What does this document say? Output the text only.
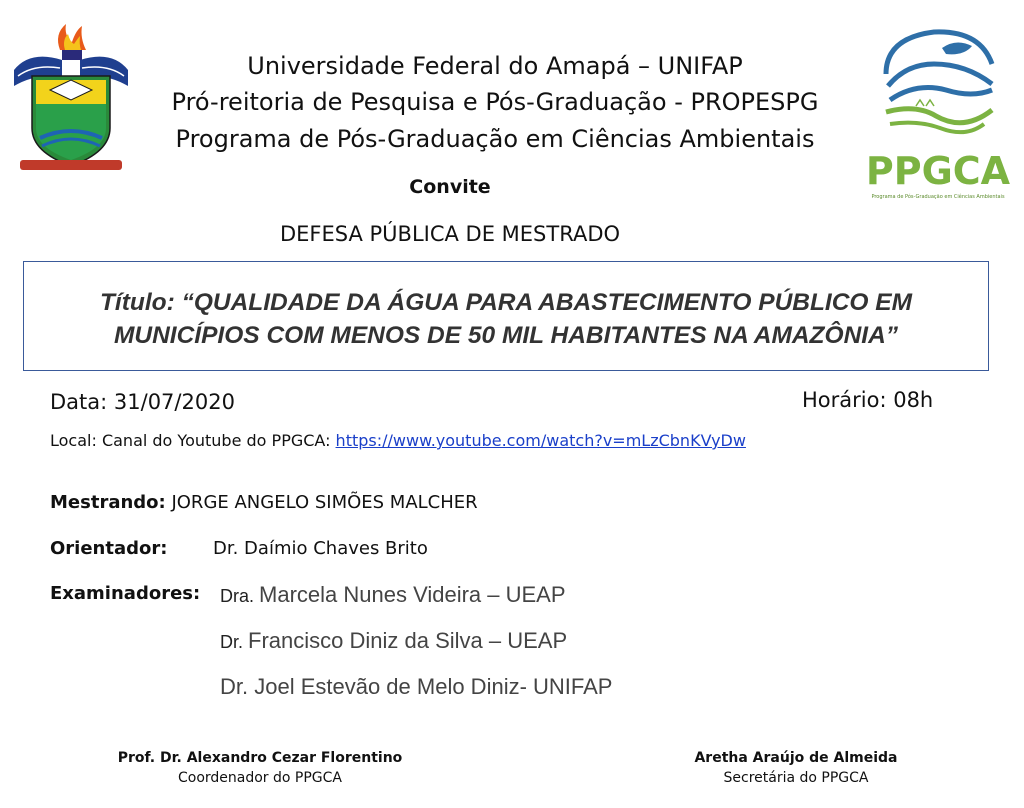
PPGCA
Programa de Pós-Graduação em Ciências Ambientais
Universidade Federal do Amapá – UNIFAP
Pró-reitoria de Pesquisa e Pós-Graduação - PROPESPG
Programa de Pós-Graduação em Ciências Ambientais
Convite
DEFESA PÚBLICA DE MESTRADO
Título: “QUALIDADE DA ÁGUA PARA ABASTECIMENTO PÚBLICO EM
MUNICÍPIOS COM MENOS DE 50 MIL HABITANTES NA AMAZÔNIA”
Data: 31/07/2020	Horário: 08h
Local: Canal do Youtube do PPGCA: https://www.youtube.com/watch?v=mLzCbnKVyDw
Mestrando: JORGE ANGELO SIMÕES MALCHER
Orientador:	Dr. Daímio Chaves Brito
Examinadores: Dra. Marcela Nunes Videira – UEAP
Dr. Francisco Diniz da Silva – UEAP
Dr. Joel Estevão de Melo Diniz- UNIFAP
Prof. Dr. Alexandro Cezar Florentino
Coordenador do PPGCA
Aretha Araújo de Almeida
Secretária do PPGCA
